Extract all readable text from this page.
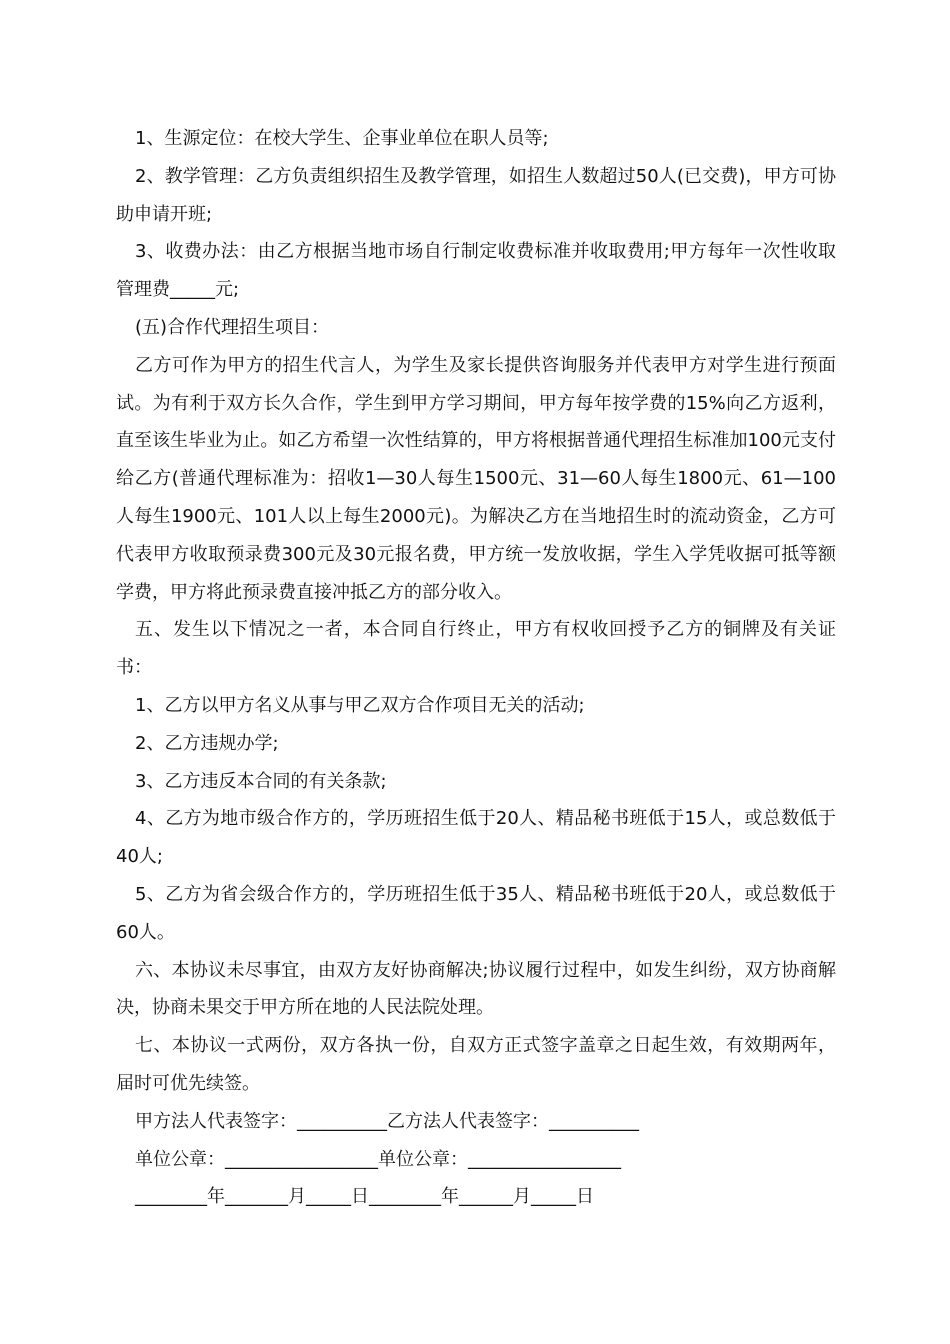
1、生源定位：在校大学生、企事业单位在职人员等;

2、教学管理：乙方负责组织招生及教学管理，如招生人数超过50人(已交费)，甲方可协助申请开班;

3、收费办法：由乙方根据当地市场自行制定收费标准并收取费用;甲方每年一次性收取管理费_____元;

(五)合作代理招生项目：

乙方可作为甲方的招生代言人，为学生及家长提供咨询服务并代表甲方对学生进行预面试。为有利于双方长久合作，学生到甲方学习期间，甲方每年按学费的15%向乙方返利，直至该生毕业为止。如乙方希望一次性结算的，甲方将根据普通代理招生标准加100元支付给乙方(普通代理标准为：招收1—30人每生1500元、31—60人每生1800元、61—100人每生1900元、101人以上每生2000元)。为解决乙方在当地招生时的流动资金，乙方可代表甲方收取预录费300元及30元报名费，甲方统一发放收据，学生入学凭收据可抵等额学费，甲方将此预录费直接冲抵乙方的部分收入。

五、发生以下情况之一者，本合同自行终止，甲方有权收回授予乙方的铜牌及有关证书：

1、乙方以甲方名义从事与甲乙双方合作项目无关的活动;

2、乙方违规办学;

3、乙方违反本合同的有关条款;

4、乙方为地市级合作方的，学历班招生低于20人、精品秘书班低于15人，或总数低于40人;

5、乙方为省会级合作方的，学历班招生低于35人、精品秘书班低于20人，或总数低于60人。

六、本协议未尽事宜，由双方友好协商解决;协议履行过程中，如发生纠纷，双方协商解决，协商未果交于甲方所在地的人民法院处理。

七、本协议一式两份，双方各执一份，自双方正式签字盖章之日起生效，有效期两年，届时可优先续签。

甲方法人代表签字：__________乙方法人代表签字：__________

单位公章：_________________单位公章：_________________

________年_______月_____日________年______月_____日
